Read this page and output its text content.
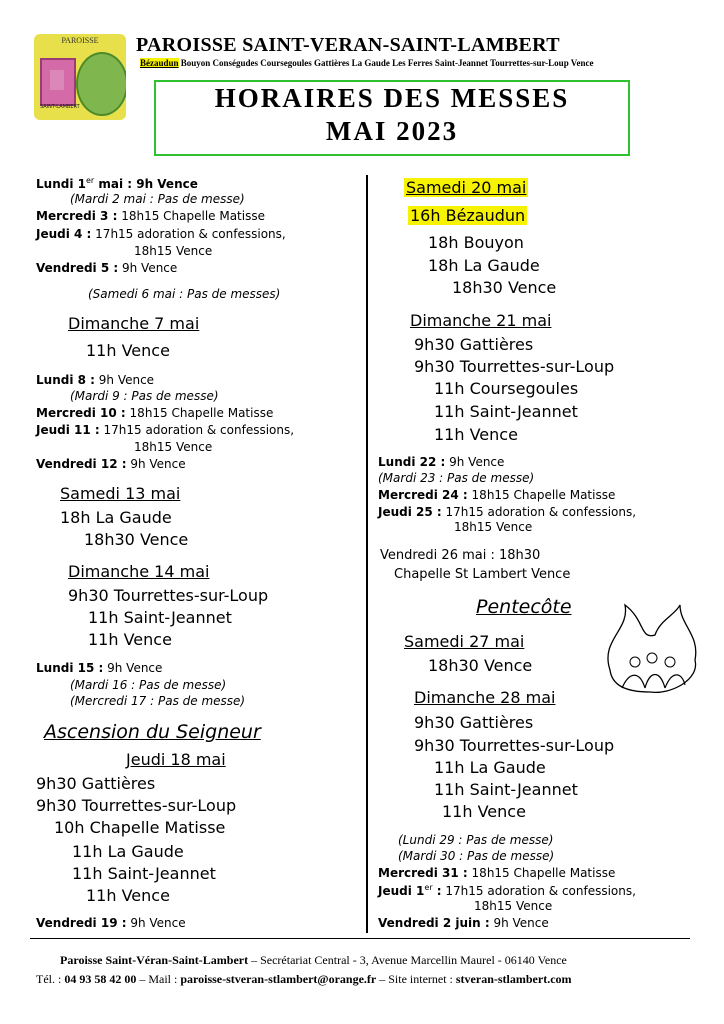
PAROISSE
SAINT-LAMBERT
PAROISSE SAINT-VERAN-SAINT-LAMBERT
Bézaudun Bouyon Conségudes Coursegoules Gattières La Gaude Les Ferres Saint-Jeannet Tourrettes-sur-Loup Vence
HORAIRES DES MESSES
MAI 2023
Lundi 1er mai : 9h Vence
(Mardi 2 mai : Pas de messe)
Mercredi 3 : 18h15 Chapelle Matisse
Jeudi 4 : 17h15 adoration & confessions,
18h15 Vence
Vendredi 5 : 9h Vence
(Samedi 6 mai : Pas de messes)
Dimanche 7 mai
11h Vence
Lundi 8 : 9h Vence
(Mardi 9 : Pas de messe)
Mercredi 10 : 18h15 Chapelle Matisse
Jeudi 11 : 17h15 adoration & confessions,
18h15 Vence
Vendredi 12 : 9h Vence
Samedi 13 mai
18h La Gaude
18h30 Vence
Dimanche 14 mai
9h30 Tourrettes-sur-Loup
11h Saint-Jeannet
11h Vence
Lundi 15 : 9h Vence
(Mardi 16 : Pas de messe)
(Mercredi 17 : Pas de messe)
Ascension du Seigneur
Jeudi 18 mai
9h30 Gattières
9h30 Tourrettes-sur-Loup
10h Chapelle Matisse
11h La Gaude
11h Saint-Jeannet
11h Vence
Vendredi 19 : 9h Vence
Samedi 20 mai
16h Bézaudun
18h Bouyon
18h La Gaude
18h30 Vence
Dimanche 21 mai
9h30 Gattières
9h30 Tourrettes-sur-Loup
11h Coursegoules
11h Saint-Jeannet
11h Vence
Lundi 22 : 9h Vence
(Mardi 23 : Pas de messe)
Mercredi 24 : 18h15 Chapelle Matisse
Jeudi 25 : 17h15 adoration & confessions,
18h15 Vence
Vendredi 26 mai : 18h30
Chapelle St Lambert Vence
Pentecôte
Samedi 27 mai
18h30 Vence
Dimanche 28 mai
9h30 Gattières
9h30 Tourrettes-sur-Loup
11h La Gaude
11h Saint-Jeannet
11h Vence
(Lundi 29 : Pas de messe)
(Mardi 30 : Pas de messe)
Mercredi 31 : 18h15 Chapelle Matisse
Jeudi 1er : 17h15 adoration & confessions,
18h15 Vence
Vendredi 2 juin : 9h Vence
Paroisse Saint-Véran-Saint-Lambert – Secrétariat Central - 3, Avenue Marcellin Maurel - 06140 Vence
Tél. : 04 93 58 42 00 – Mail : paroisse-stveran-stlambert@orange.fr – Site internet : stveran-stlambert.com
